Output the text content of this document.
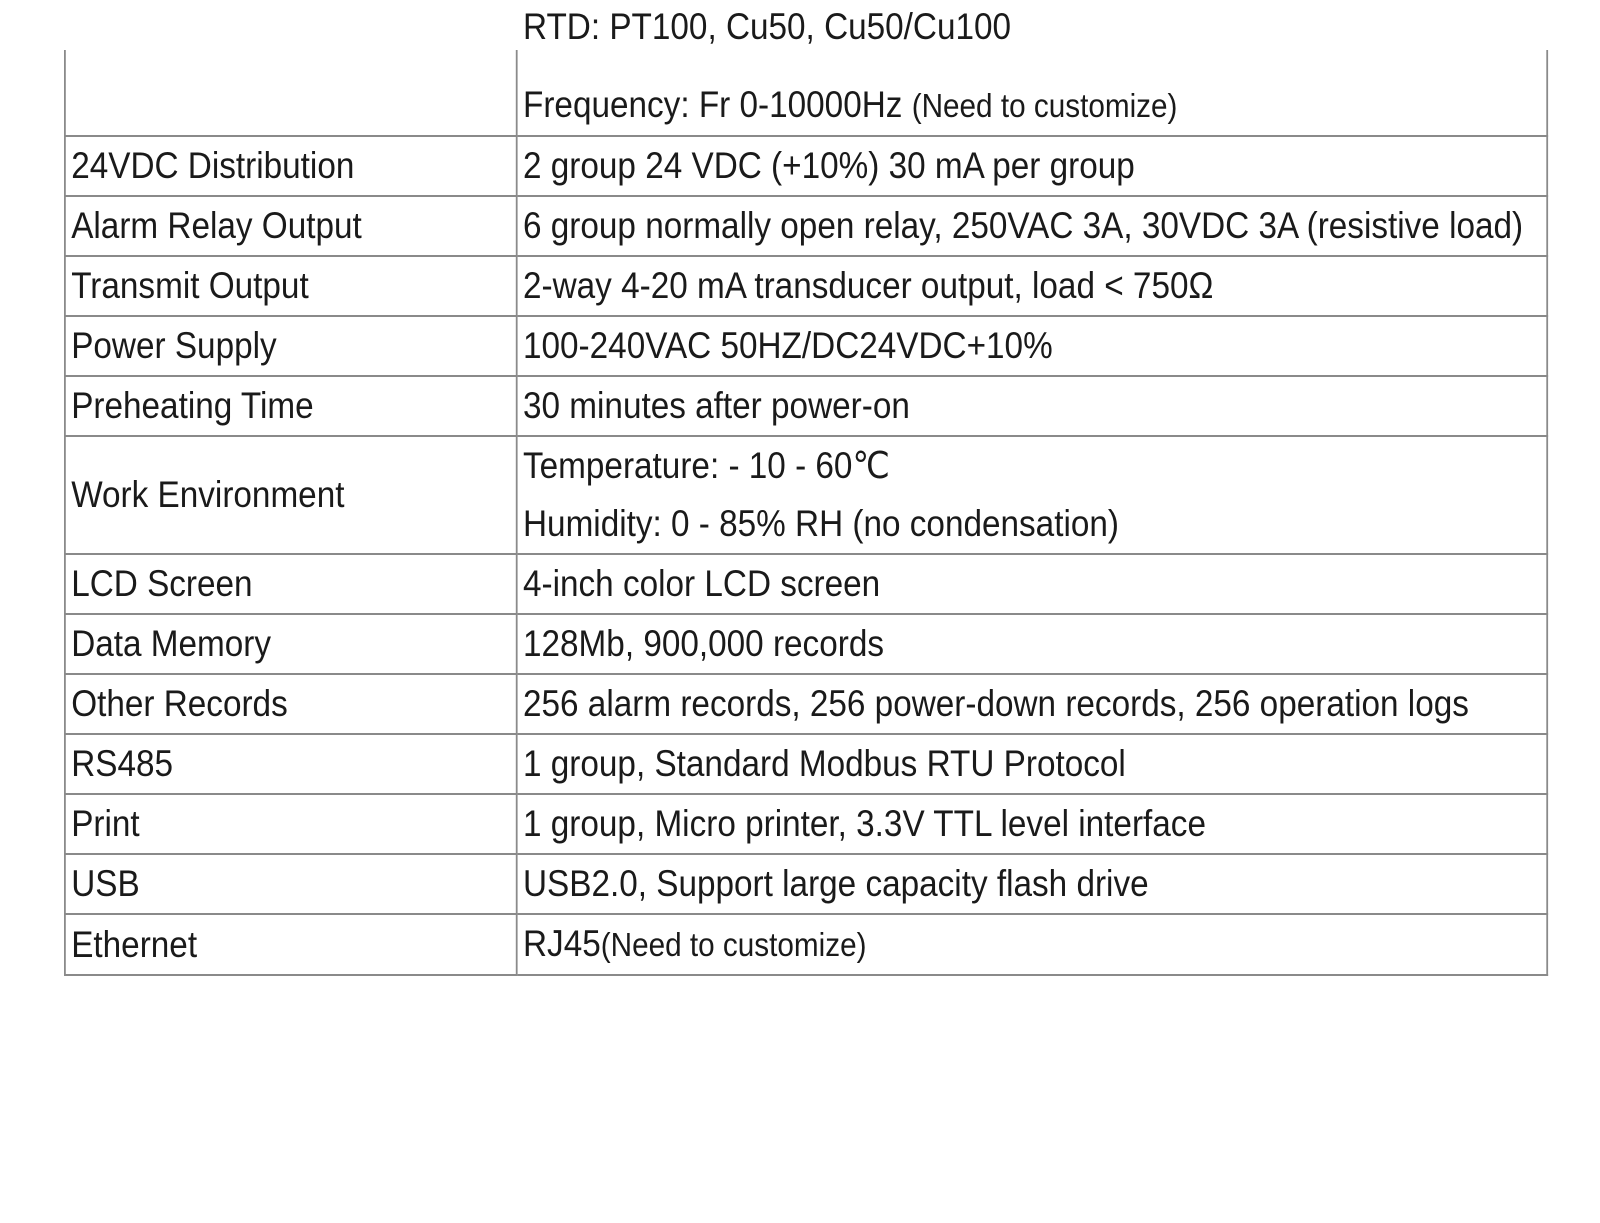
	RTD: PT100, Cu50, Cu50/Cu100
Frequency: Fr 0-10000Hz (Need to customize)

24VDC Distribution	2 group 24 VDC (+10%) 30 mA per group
Alarm Relay Output	6 group normally open relay, 250VAC 3A, 30VDC 3A (resistive load)
Transmit Output	2-way 4-20 mA transducer output, load < 750Ω
Power Supply	100-240VAC 50HZ/DC24VDC+10%
Preheating Time	30 minutes after power-on
Work Environment	Temperature: - 10 - 60℃
Humidity: 0 - 85% RH (no condensation)

LCD Screen	4-inch color LCD screen
Data Memory	128Mb, 900,000 records
Other Records	256 alarm records, 256 power-down records, 256 operation logs
RS485	1 group, Standard Modbus RTU Protocol
Print	1 group, Micro printer, 3.3V TTL level interface
USB	USB2.0, Support large capacity flash drive
Ethernet	RJ45(Need to customize)
